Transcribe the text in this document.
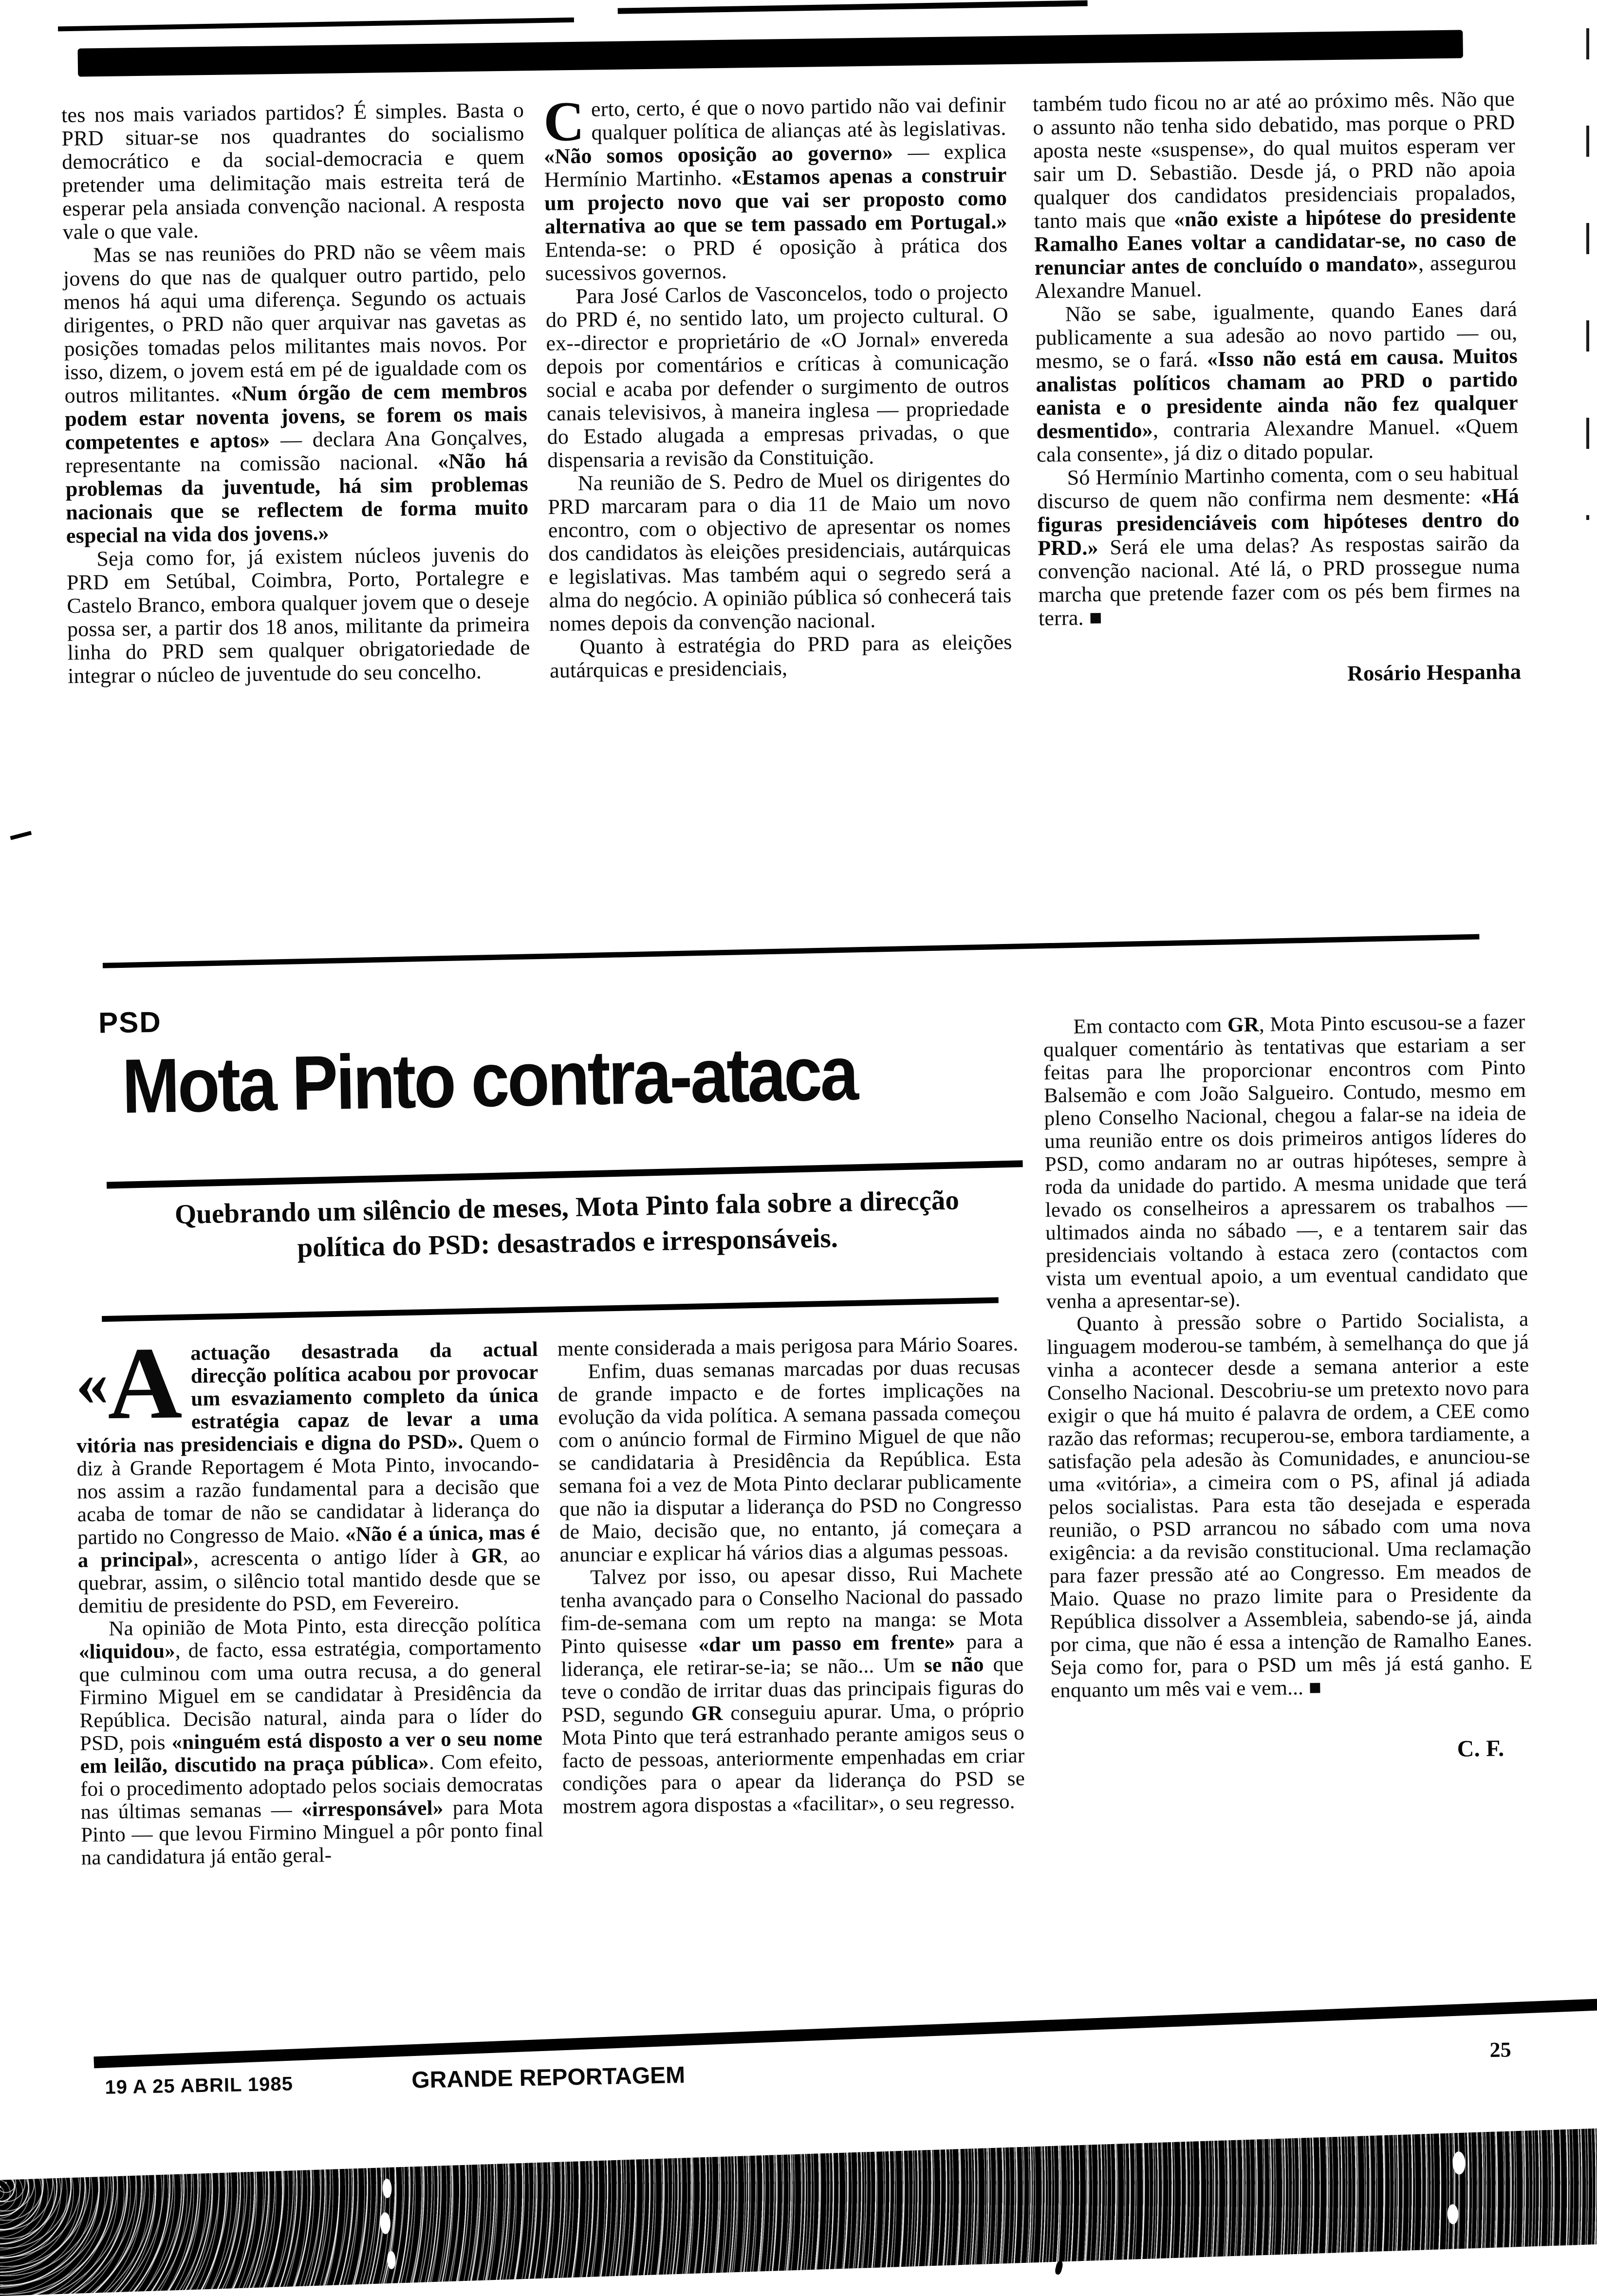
tes nos mais variados partidos? É simples. Basta o PRD situar-se nos quadrantes do socialismo democrático e da social-democracia e quem pretender uma delimitação mais estreita terá de esperar pela ansiada convenção nacional. A resposta vale o que vale.

Mas se nas reuniões do PRD não se vêem mais jovens do que nas de qualquer outro partido, pelo menos há aqui uma diferença. Segundo os actuais dirigentes, o PRD não quer arquivar nas gavetas as posições tomadas pelos militantes mais novos. Por isso, dizem, o jovem está em pé de igualdade com os outros militantes. «Num órgão de cem membros podem estar noventa jovens, se forem os mais competentes e aptos» — declara Ana Gonçalves, representante na comissão nacional. «Não há problemas da juventude, há sim problemas nacionais que se reflectem de forma muito especial na vida dos jovens.»

Seja como for, já existem núcleos juvenis do PRD em Setúbal, Coimbra, Porto, Portalegre e Castelo Branco, embora qualquer jovem que o deseje possa ser, a partir dos 18 anos, militante da primeira linha do PRD sem qualquer obrigatoriedade de integrar o núcleo de juventude do seu concelho.

Certo, certo, é que o novo partido não vai definir qualquer política de alianças até às legislativas. «Não somos oposição ao governo» — explica Hermínio Martinho. «Estamos apenas a construir um projecto novo que vai ser proposto como alternativa ao que se tem passado em Portugal.» Entenda-se: o PRD é oposição à prática dos sucessivos governos.

Para José Carlos de Vasconcelos, todo o projecto do PRD é, no sentido lato, um projecto cultural. O ex--director e proprietário de «O Jornal» envereda depois por comentários e críticas à comunicação social e acaba por defender o surgimento de outros canais televisivos, à maneira inglesa — propriedade do Estado alugada a empresas privadas, o que dispensaria a revisão da Constituição.

Na reunião de S. Pedro de Muel os dirigentes do PRD marcaram para o dia 11 de Maio um novo encontro, com o objectivo de apresentar os nomes dos candidatos às eleições presidenciais, autárquicas e legislativas. Mas também aqui o segredo será a alma do negócio. A opinião pública só conhecerá tais nomes depois da convenção nacional.

Quanto à estratégia do PRD para as eleições autárquicas e presidenciais,

também tudo ficou no ar até ao próximo mês. Não que o assunto não tenha sido debatido, mas porque o PRD aposta neste «suspense», do qual muitos esperam ver sair um D. Sebastião. Desde já, o PRD não apoia qualquer dos candidatos presidenciais propalados, tanto mais que «não existe a hipótese do presidente Ramalho Eanes voltar a candidatar-se, no caso de renunciar antes de concluído o mandato», assegurou Alexandre Manuel.

Não se sabe, igualmente, quando Eanes dará publicamente a sua adesão ao novo partido — ou, mesmo, se o fará. «Isso não está em causa. Muitos analistas políticos chamam ao PRD o partido eanista e o presidente ainda não fez qualquer desmentido», contraria Alexandre Manuel. «Quem cala consente», já diz o ditado popular.

Só Hermínio Martinho comenta, com o seu habitual discurso de quem não confirma nem desmente: «Há figuras presidenciáveis com hipóteses dentro do PRD.» Será ele uma delas? As respostas sairão da convenção nacional. Até lá, o PRD prossegue numa marcha que pretende fazer com os pés bem firmes na terra. ■

Rosário Hespanha
PSD
Mota Pinto contra-ataca
Quebrando um silêncio de meses, Mota Pinto fala sobre a direcção política do PSD: desastrados e irresponsáveis.

« A actuação desastrada da actual direcção política acabou por provocar um esvaziamento completo da única estratégia capaz de levar a uma vitória nas presidenciais e digna do PSD». Quem o diz à Grande Reportagem é Mota Pinto, invocando-nos assim a razão fundamental para a decisão que acaba de tomar de não se candidatar à liderança do partido no Congresso de Maio. «Não é a única, mas é a principal», acrescenta o antigo líder à GR, ao quebrar, assim, o silêncio total mantido desde que se demitiu de presidente do PSD, em Fevereiro.

Na opinião de Mota Pinto, esta direcção política «liquidou», de facto, essa estratégia, comportamento que culminou com uma outra recusa, a do general Firmino Miguel em se candidatar à Presidência da República. Decisão natural, ainda para o líder do PSD, pois «ninguém está disposto a ver o seu nome em leilão, discutido na praça pública». Com efeito, foi o procedimento adoptado pelos sociais democratas nas últimas semanas — «irresponsável» para Mota Pinto — que levou Firmino Minguel a pôr ponto final na candidatura já então geral-

mente considerada a mais perigosa para Mário Soares.

Enfim, duas semanas marcadas por duas recusas de grande impacto e de fortes implicações na evolução da vida política. A semana passada começou com o anúncio formal de Firmino Miguel de que não se candidataria à Presidência da República. Esta semana foi a vez de Mota Pinto declarar publicamente que não ia disputar a liderança do PSD no Congresso de Maio, decisão que, no entanto, já começara a anunciar e explicar há vários dias a algumas pessoas.

Talvez por isso, ou apesar disso, Rui Machete tenha avançado para o Conselho Nacional do passado fim-de-semana com um repto na manga: se Mota Pinto quisesse «dar um passo em frente» para a liderança, ele retirar-se-ia; se não... Um se não que teve o condão de irritar duas das principais figuras do PSD, segundo GR conseguiu apurar. Uma, o próprio Mota Pinto que terá estranhado perante amigos seus o facto de pessoas, anteriormente empenhadas em criar condições para o apear da liderança do PSD se mostrem agora dispostas a «facilitar», o seu regresso.

Em contacto com GR, Mota Pinto escusou-se a fazer qualquer comentário às tentativas que estariam a ser feitas para lhe proporcionar encontros com Pinto Balsemão e com João Salgueiro. Contudo, mesmo em pleno Conselho Nacional, chegou a falar-se na ideia de uma reunião entre os dois primeiros antigos líderes do PSD, como andaram no ar outras hipóteses, sempre à roda da unidade do partido. A mesma unidade que terá levado os conselheiros a apressarem os trabalhos — ultimados ainda no sábado —, e a tentarem sair das presidenciais voltando à estaca zero (contactos com vista um eventual apoio, a um eventual candidato que venha a apresentar-se).

Quanto à pressão sobre o Partido Socialista, a linguagem moderou-se também, à semelhança do que já vinha a acontecer desde a semana anterior a este Conselho Nacional. Descobriu-se um pretexto novo para exigir o que há muito é palavra de ordem, a CEE como razão das reformas; recuperou-se, embora tardiamente, a satisfação pela adesão às Comunidades, e anunciou-se uma «vitória», a cimeira com o PS, afinal já adiada pelos socialistas. Para esta tão desejada e esperada reunião, o PSD arrancou no sábado com uma nova exigência: a da revisão constitucional. Uma reclamação para fazer pressão até ao Congresso. Em meados de Maio. Quase no prazo limite para o Presidente da República dissolver a Assembleia, sabendo-se já, ainda por cima, que não é essa a intenção de Ramalho Eanes. Seja como for, para o PSD um mês já está ganho. E enquanto um mês vai e vem... ■

C. F.
19 A 25 ABRIL 1985	GRANDE REPORTAGEM
25
